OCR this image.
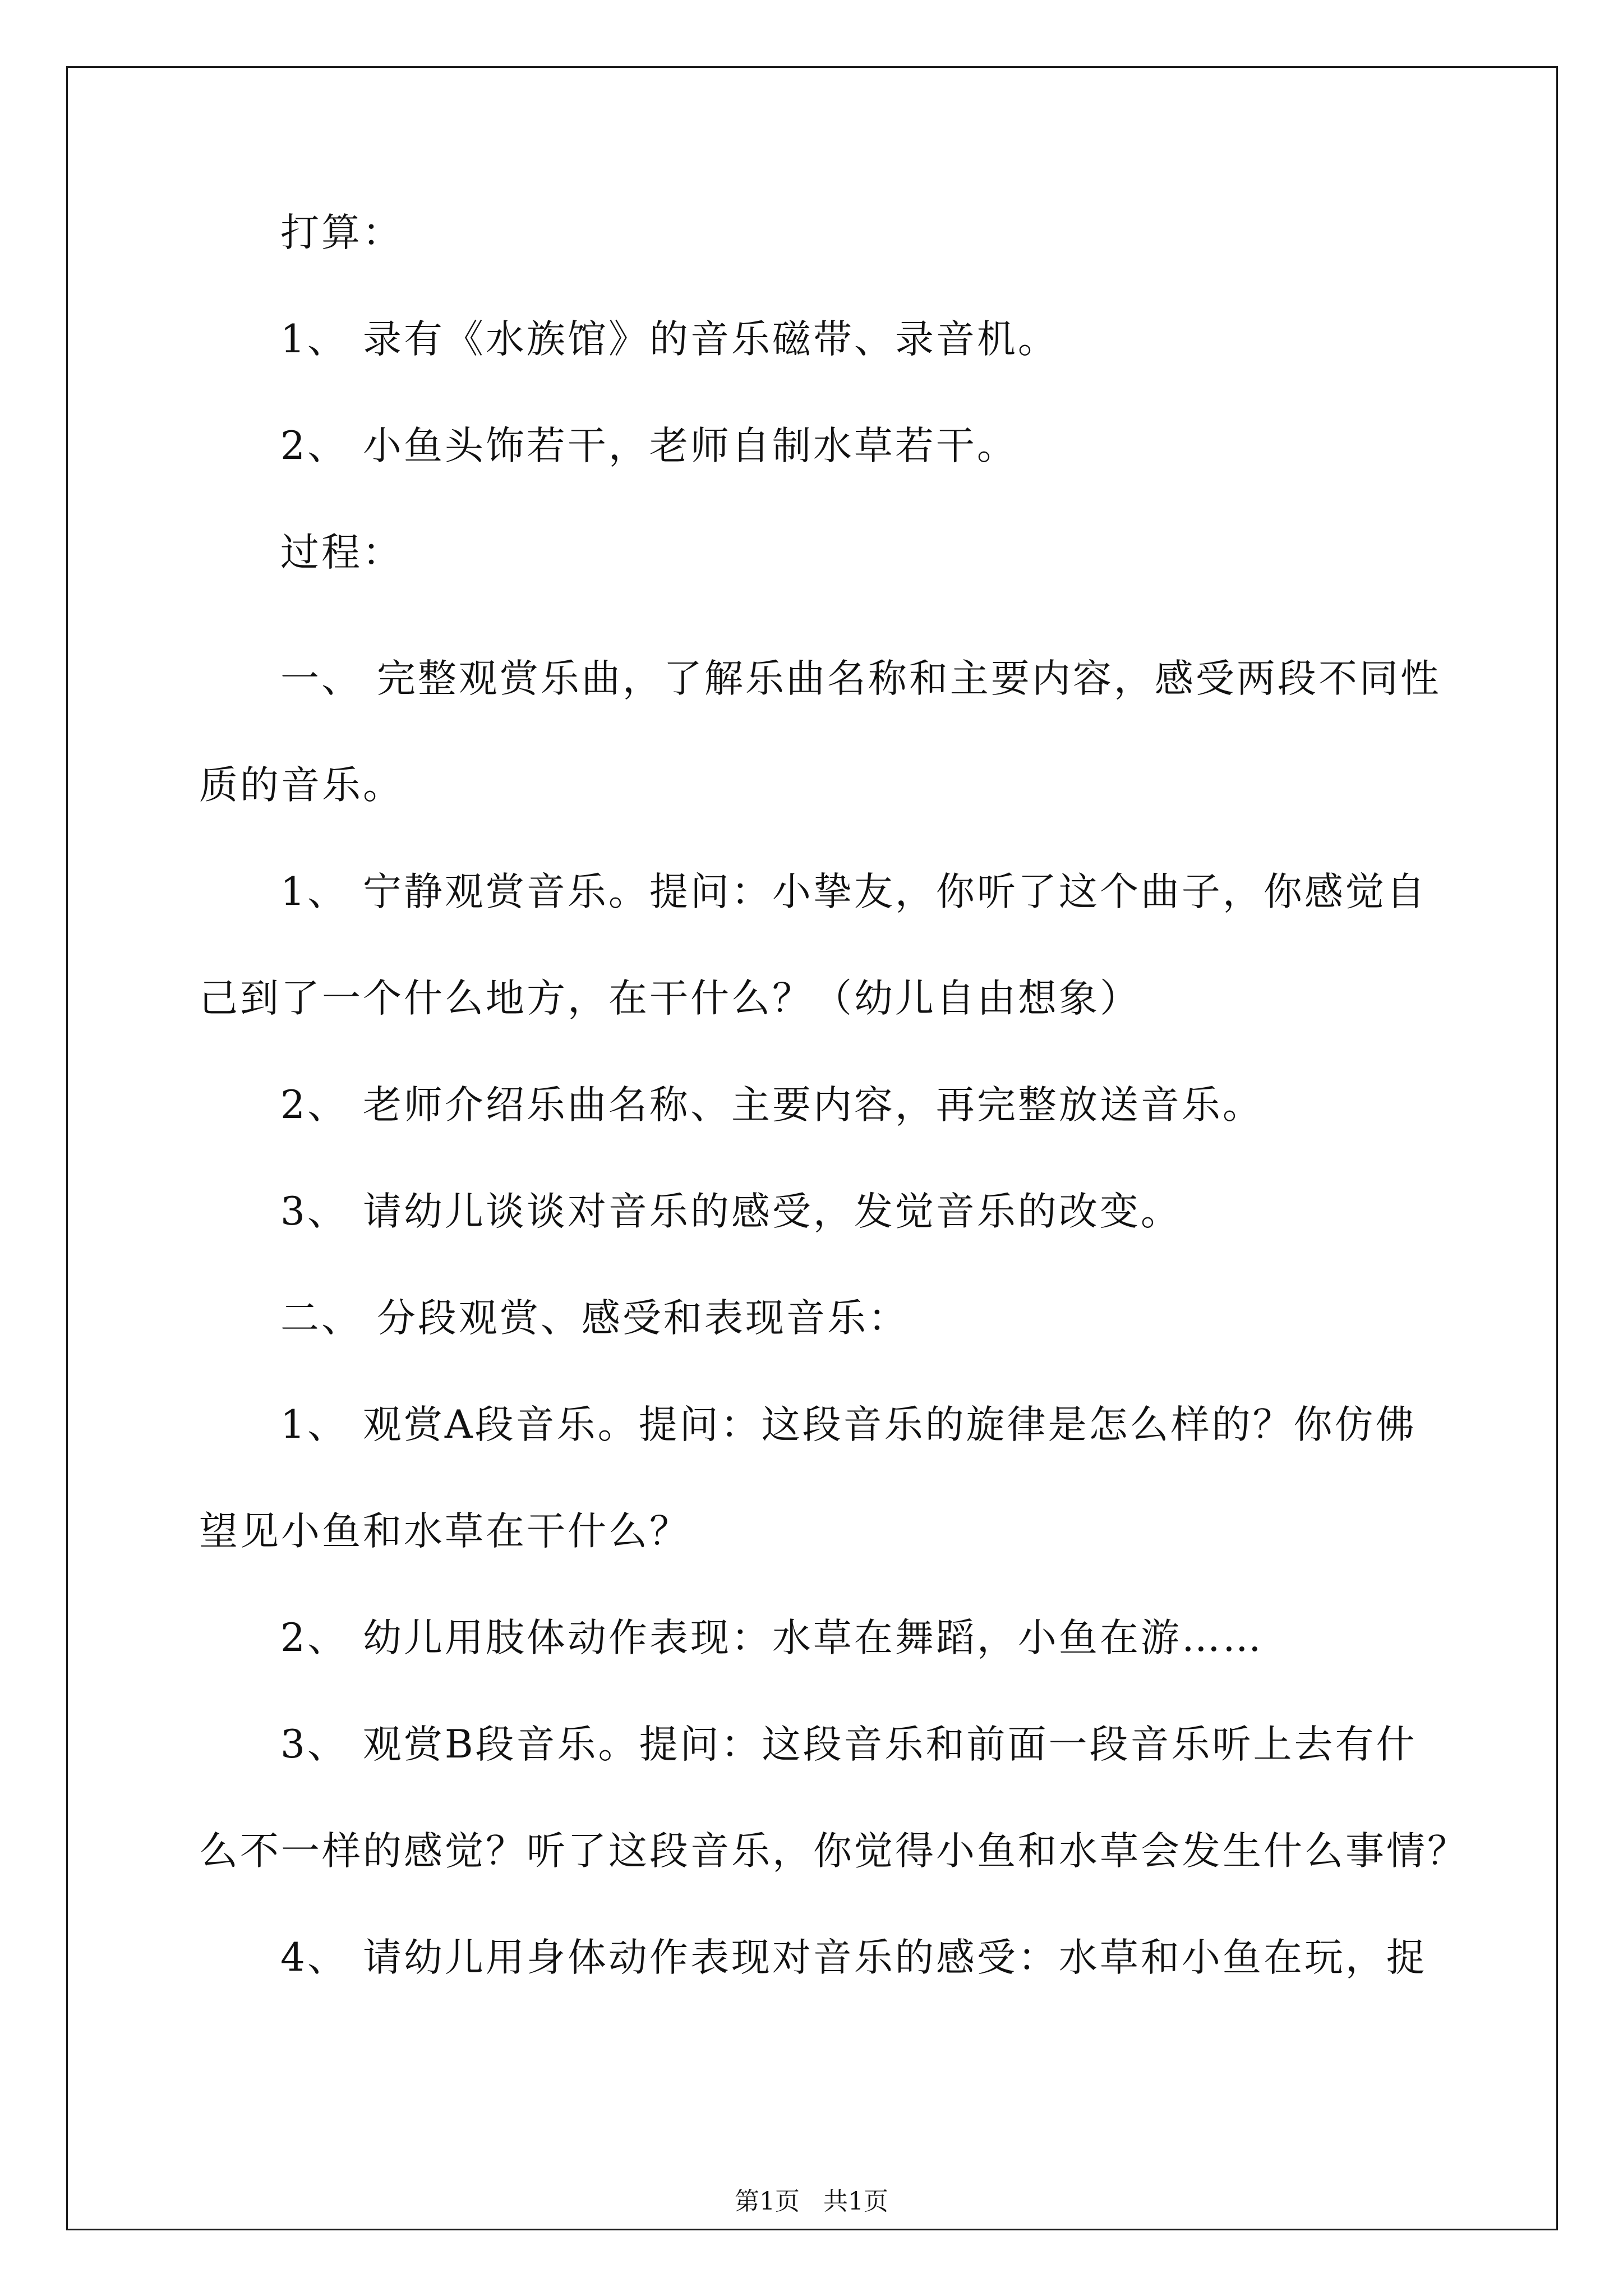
打算：
1、 录有《水族馆》的音乐磁带、录音机。
2、 小鱼头饰若干，老师自制水草若干。
过程：
一、 完整观赏乐曲，了解乐曲名称和主要内容，感受两段不同性
质的音乐。
1、 宁静观赏音乐。提问：小挚友，你听了这个曲子，你感觉自
己到了一个什么地方，在干什么？（幼儿自由想象）
2、 老师介绍乐曲名称、主要内容，再完整放送音乐。
3、 请幼儿谈谈对音乐的感受，发觉音乐的改变。
二、 分段观赏、感受和表现音乐：
1、 观赏A段音乐。提问：这段音乐的旋律是怎么样的？你仿佛
望见小鱼和水草在干什么？
2、 幼儿用肢体动作表现：水草在舞蹈，小鱼在游……
3、 观赏B段音乐。提问：这段音乐和前面一段音乐听上去有什
么不一样的感觉？听了这段音乐，你觉得小鱼和水草会发生什么事情？
4、 请幼儿用身体动作表现对音乐的感受：水草和小鱼在玩，捉
第1页   共1页
